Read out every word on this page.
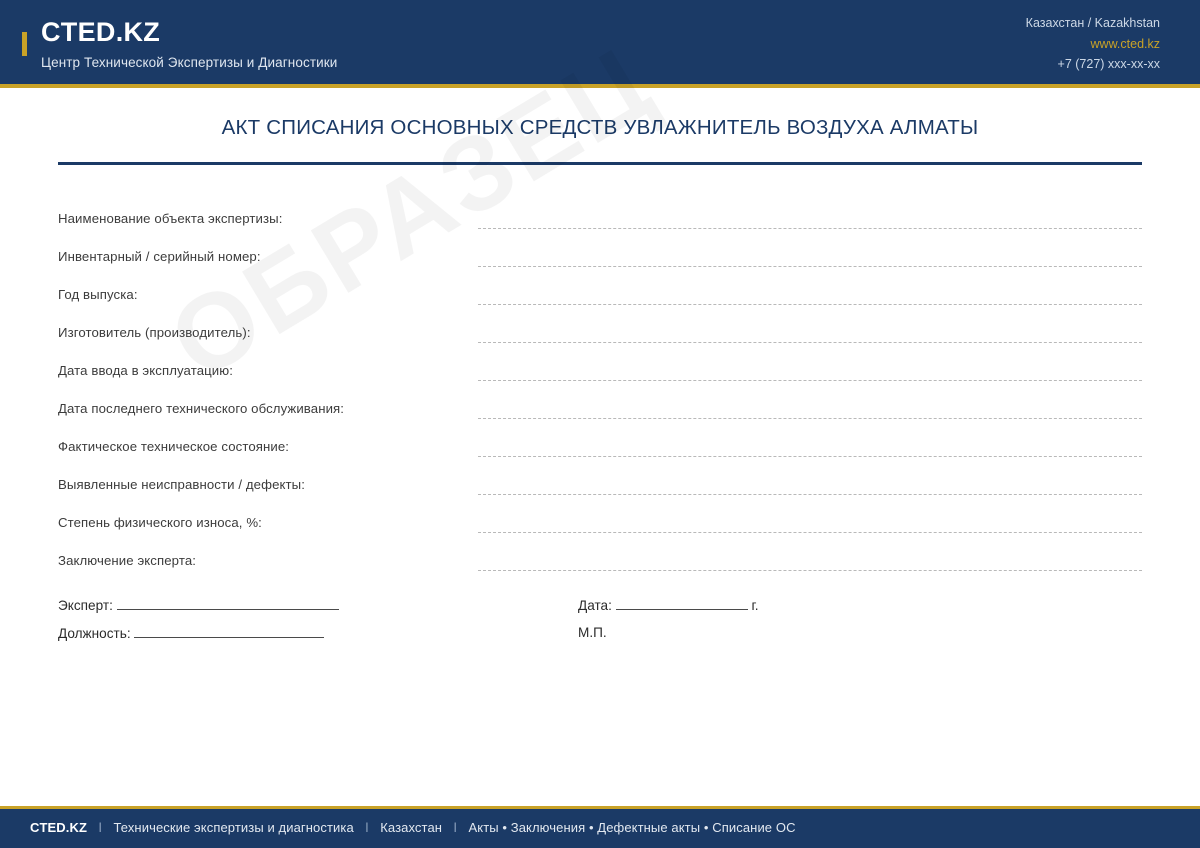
CTED.KZ
Центр Технической Экспертизы и Диагностики
Казахстан / Kazakhstan
www.cted.kz
+7 (727) xxx-xx-xx
АКТ СПИСАНИЯ ОСНОВНЫХ СРЕДСТВ УВЛАЖНИТЕЛЬ ВОЗДУХА АЛМАТЫ
Наименование объекта экспертизы:
Инвентарный / серийный номер:
Год выпуска:
Изготовитель (производитель):
Дата ввода в эксплуатацию:
Дата последнего технического обслуживания:
Фактическое техническое состояние:
Выявленные неисправности / дефекты:
Степень физического износа, %:
Заключение эксперта:
Эксперт:	Дата:	г.
Должность:	М.П.
CTED.KZ l Технические экспертизы и диагностика l Казахстан l Акты • Заключения • Дефектные акты • Списание ОС
